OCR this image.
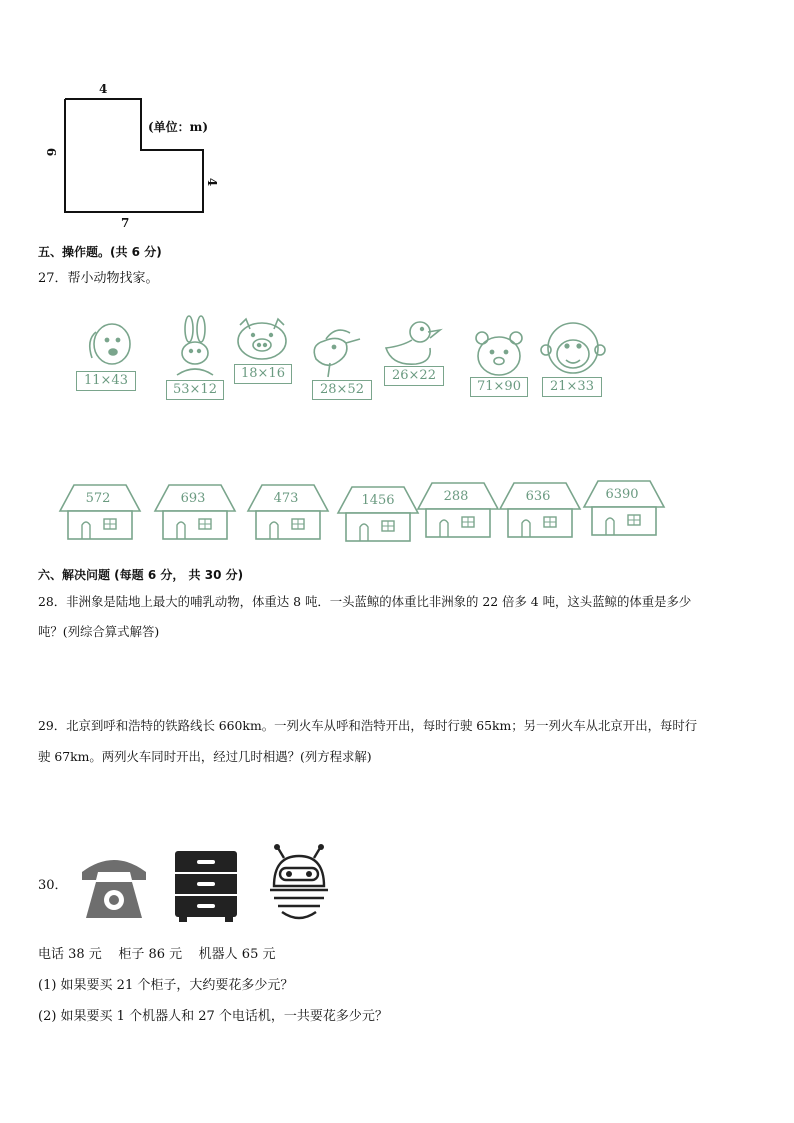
4
6
4
7
(单位：m)
五、操作题。(共 6 分)
27．帮小动物找家。
11×43
53×12
18×16
28×52
26×22
71×90	21×33
572	693	473	1456	288	636	6390
六、解决问题 (每题 6 分， 共 30 分)
28．非洲象是陆地上最大的哺乳动物，体重达 8 吨．一头蓝鲸的体重比非洲象的 22 倍多 4 吨，这头蓝鲸的体重是多少
吨？(列综合算式解答)
29．北京到呼和浩特的铁路线长 660km。一列火车从呼和浩特开出，每时行驶 65km；另一列火车从北京开出，每时行
驶 67km。两列火车同时开出，经过几时相遇？(列方程求解)
30．
电话 38 元    柜子 86 元    机器人 65 元
(1) 如果要买 21 个柜子，大约要花多少元？
(2) 如果要买 1 个机器人和 27 个电话机，一共要花多少元？
